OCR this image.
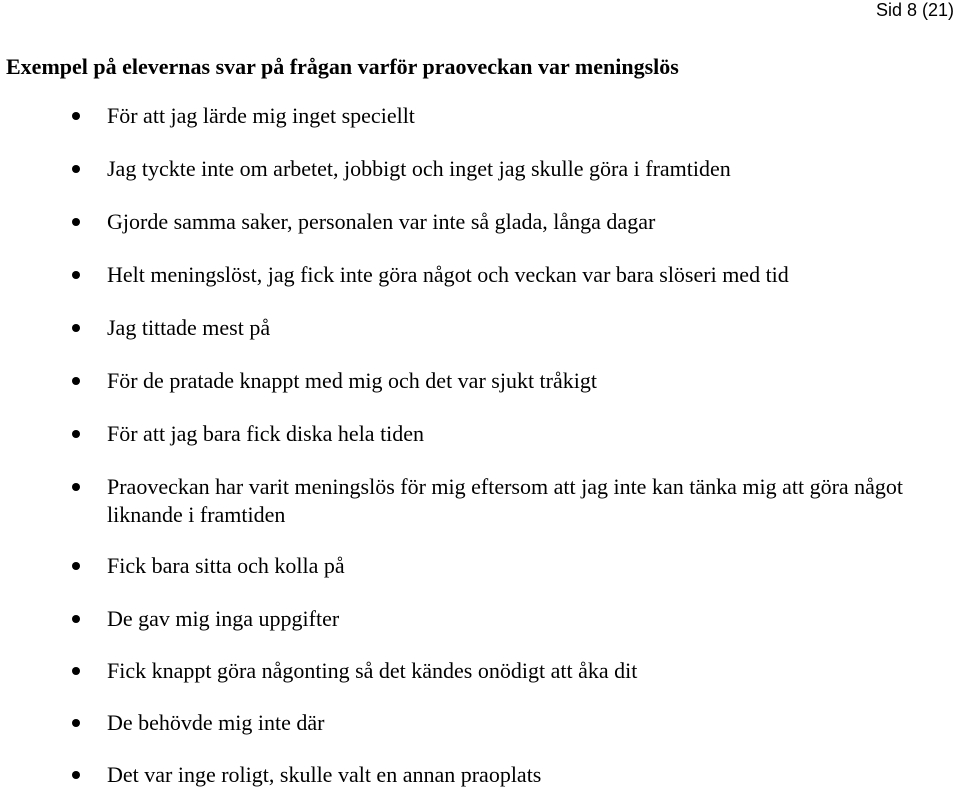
Sid 8 (21)
Exempel på elevernas svar på frågan varför praoveckan var meningslös
För att jag lärde mig inget speciellt
Jag tyckte inte om arbetet, jobbigt och inget jag skulle göra i framtiden
Gjorde samma saker, personalen var inte så glada, långa dagar
Helt meningslöst, jag fick inte göra något och veckan var bara slöseri med tid
Jag tittade mest på
För de pratade knappt med mig och det var sjukt tråkigt
För att jag bara fick diska hela tiden
Praoveckan har varit meningslös för mig eftersom att jag inte kan tänka mig att göra något liknande i framtiden
Fick bara sitta och kolla på
De gav mig inga uppgifter
Fick knappt göra någonting så det kändes onödigt att åka dit
De behövde mig inte där
Det var inge roligt, skulle valt en annan praoplats
